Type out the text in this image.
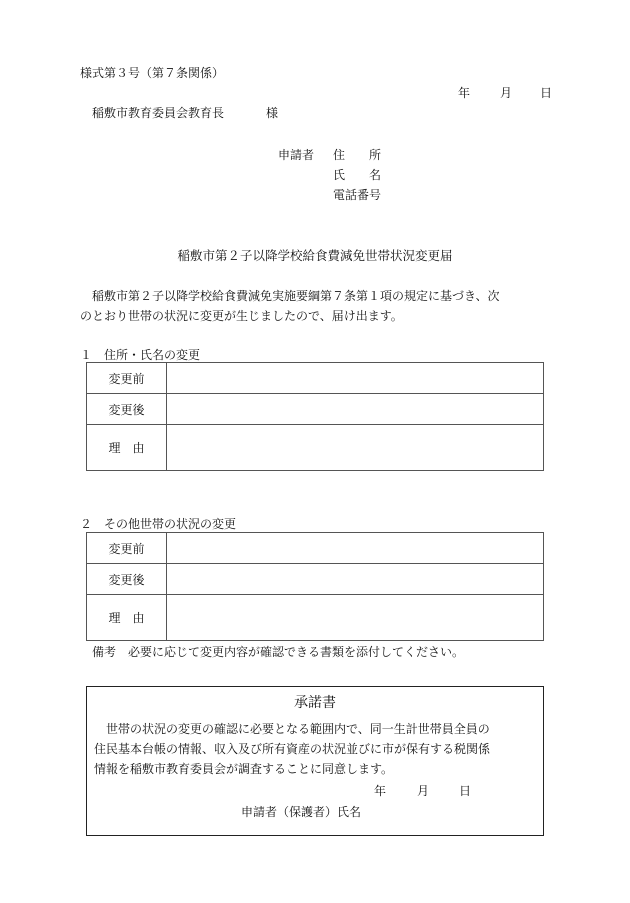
様式第３号（第７条関係）
年 月 日
稲敷市教育委員会教育長	様
申請者 住　　所
氏　　名
電話番号
稲敷市第２子以降学校給食費減免世帯状況変更届
稲敷市第２子以降学校給食費減免実施要綱第７条第１項の規定に基づき、次
のとおり世帯の状況に変更が生じましたので、届け出ます。
１　住所・氏名の変更
変更前	
変更後	
理　由	
２　その他世帯の状況の変更
変更前	
変更後	
理　由	
備考　必要に応じて変更内容が確認できる書類を添付してください。
承諾書
世帯の状況の変更の確認に必要となる範囲内で、同一生計世帯員全員の
住民基本台帳の情報、収入及び所有資産の状況並びに市が保有する税関係
情報を稲敷市教育委員会が調査することに同意します。
年	月 日
申請者（保護者）氏名
